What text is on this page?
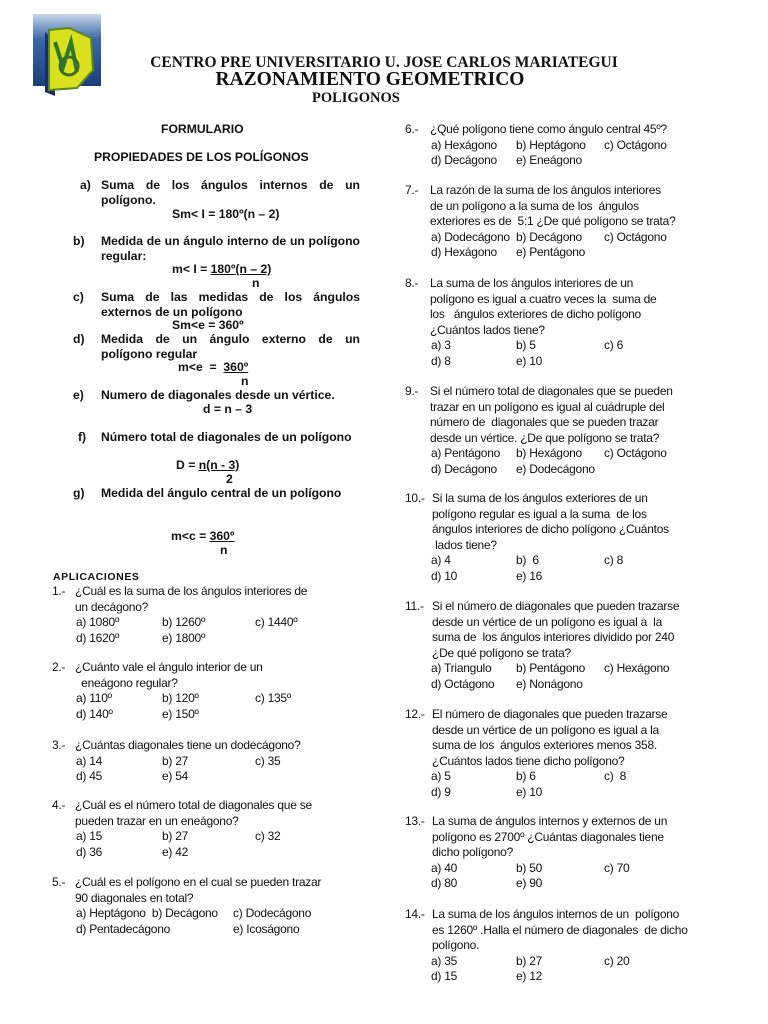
CENTRO PRE UNIVERSITARIO U. JOSE CARLOS MARIATEGUI
RAZONAMIENTO GEOMETRICO
POLIGONOS
FORMULARIO
PROPIEDADES DE LOS POLÍGONOS
a) Suma de los ángulos internos de un polígono.
Sm< I = 180º(n – 2)
b) Medida de un ángulo interno de un polígono regular:
m< I = 180º(n – 2)
n
c) Suma de las medidas de los ángulos externos de un polígono
Sm<e = 360º
d) Medida de un ángulo externo de un polígono regular
m<e  =  360º
n
e) Numero de diagonales desde un vértice.
d = n – 3
f) Número total de diagonales de un polígono
D = n(n - 3)
2
g) Medida del ángulo central de un polígono
m<c = 360º
n
APLICACIONES
1.- ¿Cuál es la suma de los ángulos interiores de
un decágono?
a) 1080º	b) 1260º	c) 1440º
d) 1620º	e) 1800º
2.- ¿Cuánto vale el ángulo interior de un
eneágono regular?
a) 110º	b) 120º	c) 135º
d) 140º	e) 150º
3.- ¿Cuántas diagonales tiene un dodecágono?
a) 14	b) 27	c) 35
d) 45	e) 54
4.- ¿Cuál es el número total de diagonales que se
pueden trazar en un eneágono?
a) 15	b) 27	c) 32
d) 36	e) 42
5.- ¿Cuál es el polígono en el cual se pueden trazar
90 diagonales en total?
a) Heptágono  b) Decágono c) Dodecágono
d) Pentadecágono	e) Icoságono
6.- ¿Qué polígono tiene como ángulo central 45º?
a) Hexágono b) Heptágono c) Octágono
d) Decágono e) Eneágono
7.- La razón de la suma de los ángulos interiores
de un polígono a la suma de los  ángulos
exteriores es de  5:1 ¿De qué polígono se trata?
a) Dodecágono b) Decágono c) Octágono
d) Hexágono e) Pentágono
8.- La suma de los ángulos interiores de un
polígono es igual a cuatro veces la  suma de
los   ángulos exteriores de dicho polígono
¿Cuántos lados tiene?
a) 3	b) 5	c) 6
d) 8	e) 10
9.- Si el número total de diagonales que se pueden
trazar en un polígono es igual al cuádruple del
número de  diagonales que se pueden trazar
desde un vértice. ¿De que polígono se trata?
a) Pentágono b) Hexágono c) Octágono
d) Decágono e) Dodecágono
10.- Si la suma de los ángulos exteriores de un
polígono regular es igual a la suma  de los
ángulos interiores de dicho polígono ¿Cuántos
lados tiene?
a) 4	b)  6	c) 8
d) 10	e) 16
11.- Si el número de diagonales que pueden trazarse
desde un vértice de un polígono es igual a  la
suma de  los ángulos interiores dividido por 240
¿De qué polígono se trata?
a) Triangulo b) Pentágono c) Hexágono
d) Octágono e) Nonágono
12.- El número de diagonales que pueden trazarse
desde un vértice de un polígono es igual a la
suma de los  ángulos exteriores menos 358.
¿Cuántos lados tiene dicho polígono?
a) 5	b) 6	c)  8
d) 9	e) 10
13.- La suma de ángulos internos y externos de un
polígono es 2700º ¿Cuántas diagonales tiene
dicho polígono?
a) 40	b) 50	c) 70
d) 80	e) 90
14.- La suma de los ángulos internos de un  polígono
es 1260º .Halla el número de diagonales  de dicho
polígono.
a) 35	b) 27	c) 20
d) 15	e) 12
